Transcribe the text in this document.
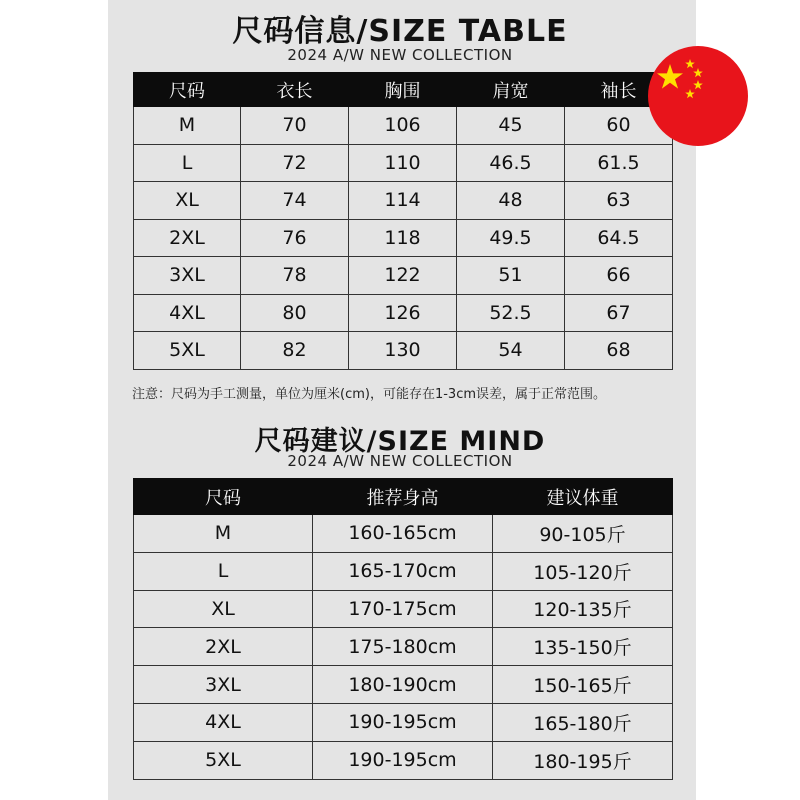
尺码信息/SIZE TABLE
2024 A/W NEW COLLECTION
尺码	衣长	胸围	肩宽	袖长
M	70	106	45	60
L	72	110	46.5	61.5
XL	74	114	48	63
2XL	76	118	49.5	64.5
3XL	78	122	51	66
4XL	80	126	52.5	67
5XL	82	130	54	68
注意：尺码为手工测量，单位为厘米(cm)，可能存在1-3cm误差，属于正常范围。
尺码建议/SIZE MIND
2024 A/W NEW COLLECTION
尺码	推荐身高	建议体重
M	160-165cm	90-105斤
L	165-170cm	105-120斤
XL	170-175cm	120-135斤
2XL	175-180cm	135-150斤
3XL	180-190cm	150-165斤
4XL	190-195cm	165-180斤
5XL	190-195cm	180-195斤
